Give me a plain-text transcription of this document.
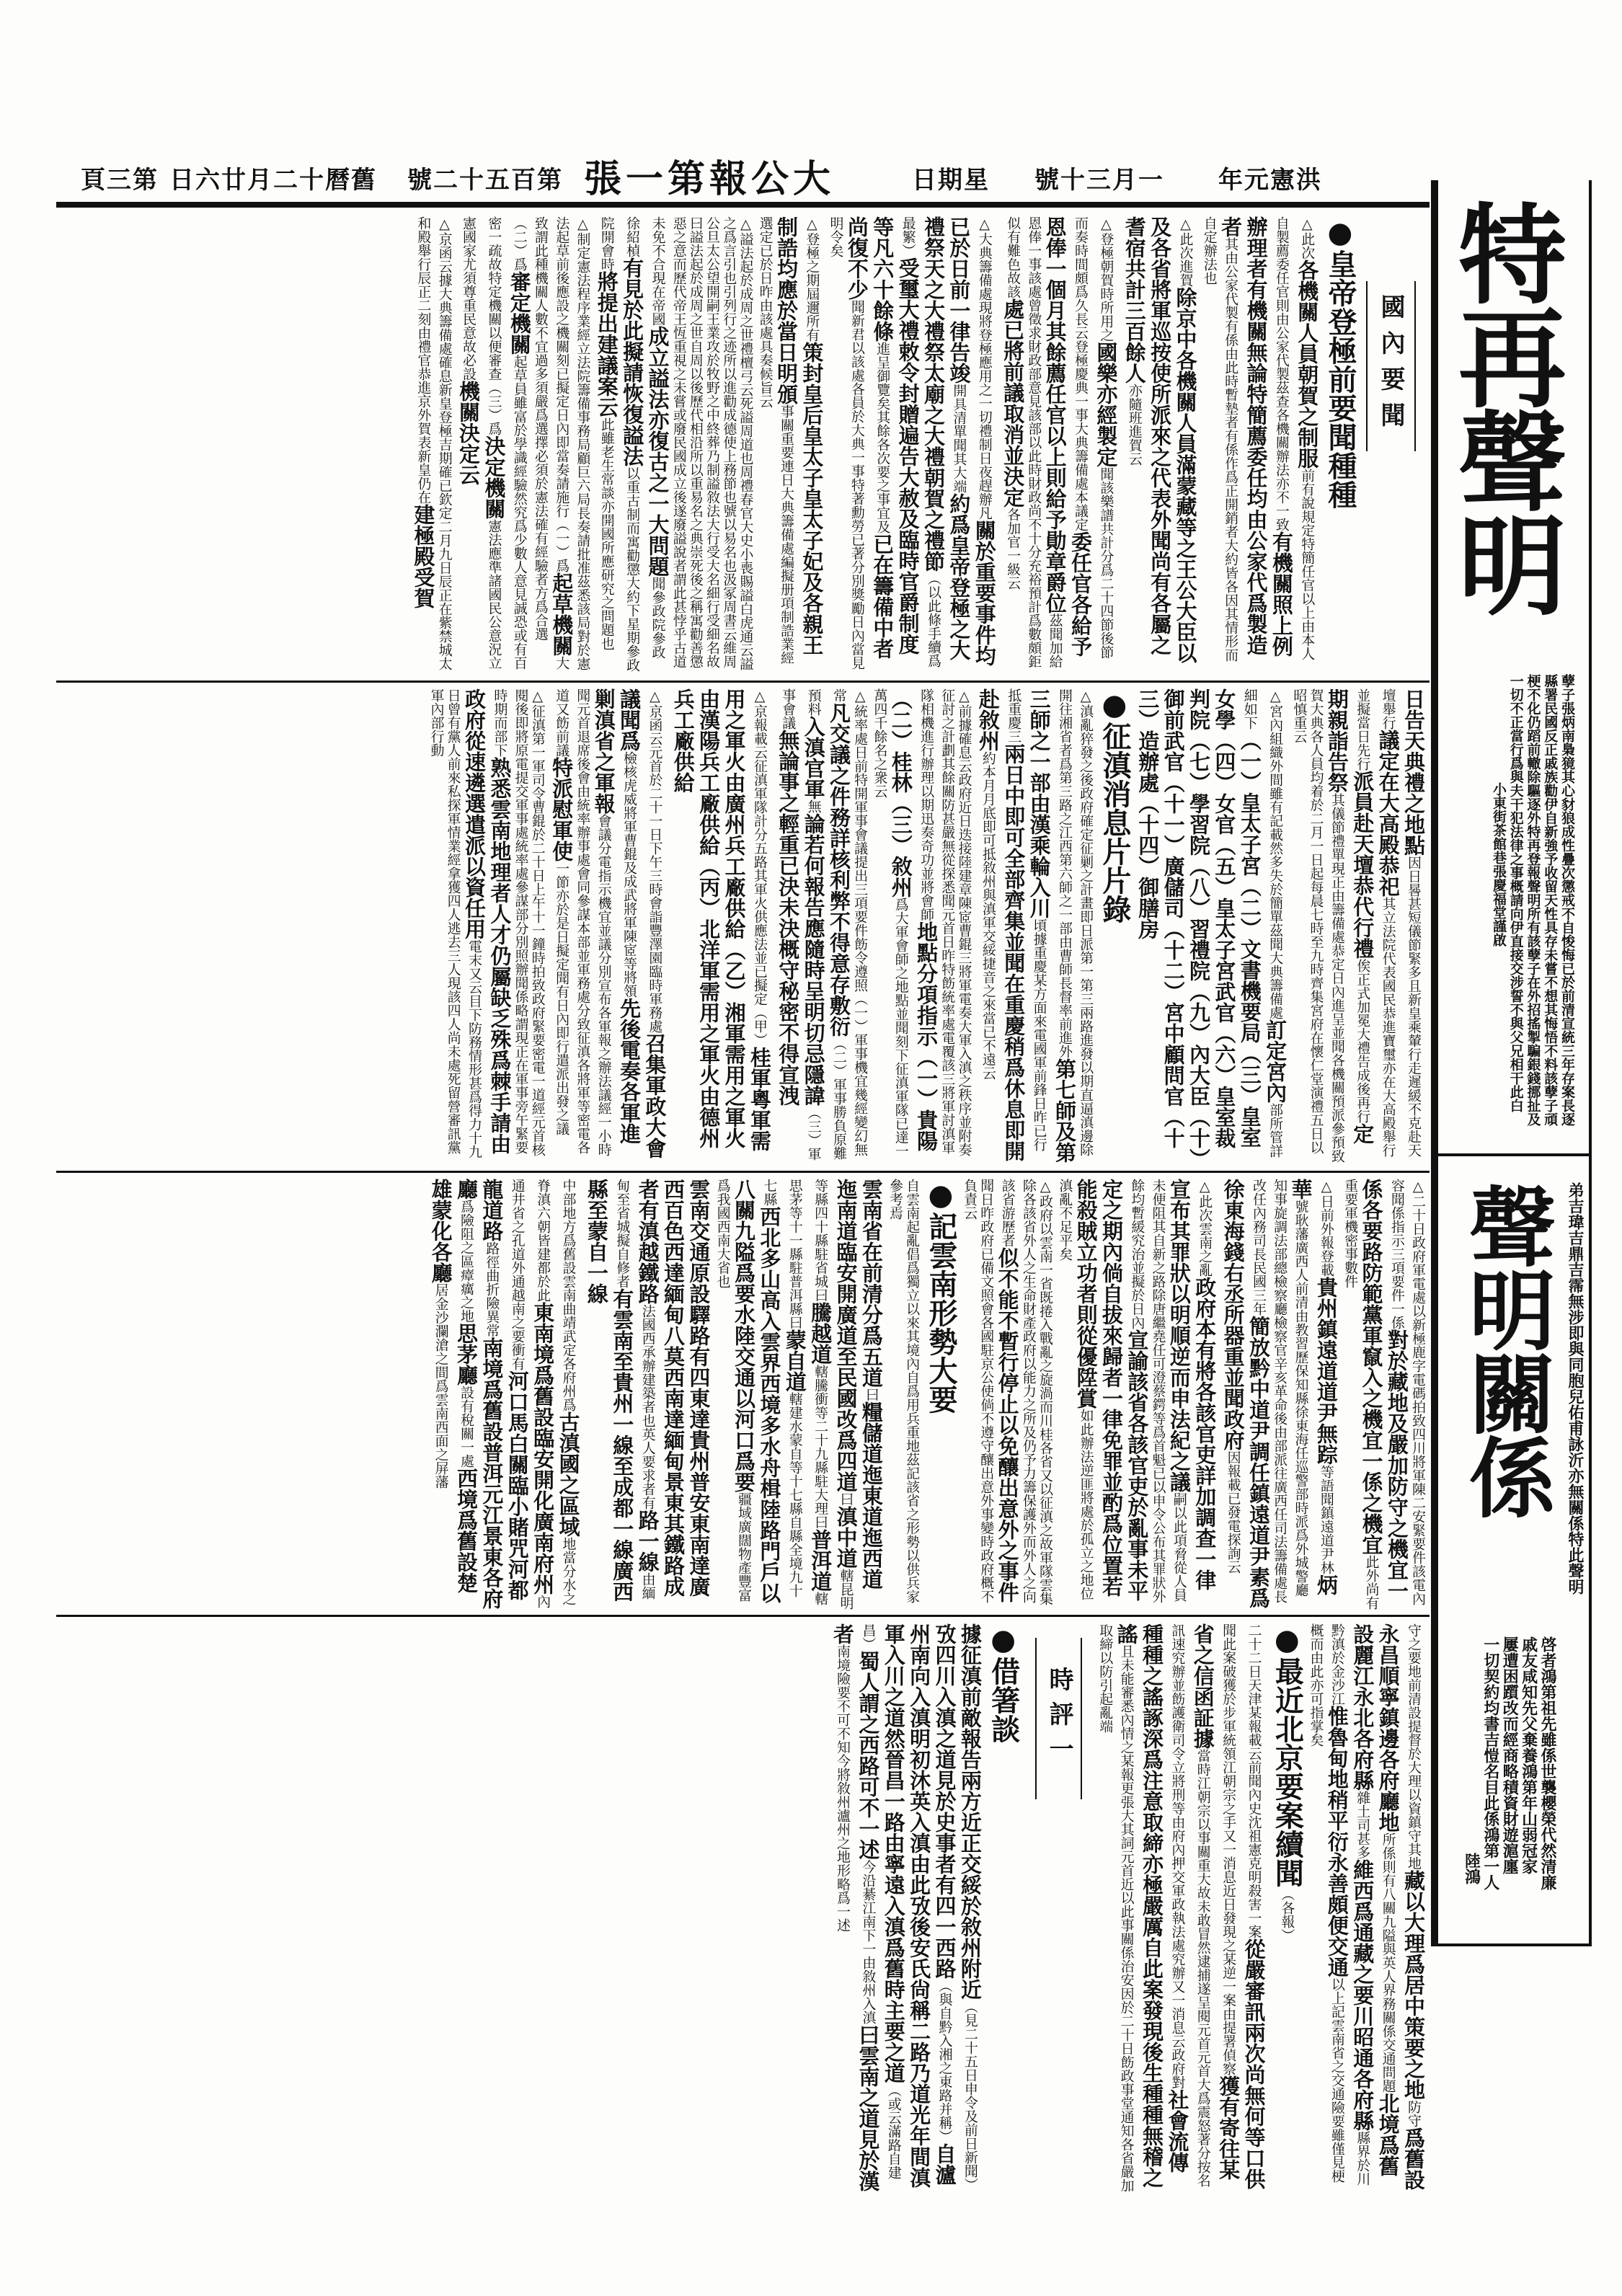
洪憲元年
一月三十號
星期日
大公報第一張
第百五十二號
舊曆十二月廿六日
第三頁
國內要聞
●皇帝登極前要聞種種
△此次各機關人員朝賀之制服前有說規定特簡任官以上由本人自製薦委任官則由公家代製茲查各機關辦法亦不一致有機關照上例辦理者有機關無論特簡薦委任均由公家代爲製造者其由公家代製有係由此時暫墊者有係作爲正開銷者大約皆各因其情形而自定辦法也
△此次進賀除京中各機關人員滿蒙藏等之王公大臣以及各省將軍巡按使所派來之代表外聞尚有各屬之耆宿共計三百餘人亦隨班進賀云
△登極朝賀時所用之國樂亦經製定聞該樂譜共計分爲二十四節後節而奏時間頗爲久長云登極慶典一事大典籌備處本議定委任官各給予恩俸一個月其餘薦任官以上則給予勛章爵位茲聞加給恩俸一事該處曾徵求財政部意見該部以此時財政尚不十分充裕預計爲數頗鉅似有難色故該處已將前議取消並決定各加官一級云
△大典籌備處現將登極應用之一切禮制日夜趕辦凡關於重要事件均已於日前一律告竣開具清單聞其大端約爲皇帝登極之大禮祭天之大禮祭太廟之大禮朝賀之禮節（以此條手續爲最繁）受璽大禮敕令封贈遍告大赦及臨時官爵制度等凡六十餘條進呈御覽矣其餘各次要之事宜及已在籌備中者尚復不少聞新君以該處各員於大典一事特著勳勞已著分別獎勵日內當見明令矣
△登極之期屆邇所有策封皇后皇太子皇太子妃及各親王制誥均應於當日明頒事關重要連日大典籌備處編擬册項制誥業經選定已於日昨由該處具奏候旨云
△謚法起於成周之世禮檀弓云死謚周道也周禮春官大史小喪賜謚白虎通云謚之爲言引也引列行之迹所以進勸成德使上務節也號以易名也汲冢周書云維周公旦太公望開嗣王業攻於牧野之中終葬乃制謚敘法大行受大名細行受細名故曰謚法起於成周之世自周以後歷代相沿所以重易名之典崇死後之稱寓勸善懲惡之意而歷代帝王恆重視之未嘗或廢民國成立後遂廢謚說者謂此甚悖乎古道未免不合現在帝國成立謚法亦復古之一大問題聞參政院參政徐紹楨有見於此擬請恢復謚法以重古制而寓勸懲大約下星期參政院開會時將提出建議案云此雖老生常談亦開國所應研究之問題也
△制定憲法程序業經立法院籌備事務局顧巨六局長奏請批准茲悉該局對於憲法起草前後應設之機關刻已擬定日內即當奏請施行（一）爲起草機關大致謂此種機關人數不宜過多須嚴爲選擇必須於憲法確有經驗者方爲合選（二）爲審定機關起草員雖富於學識經驗然究爲少數人意見誠恐或有百密一疏故特定機關以便審查（三）爲決定機關憲法應準諸國民公意況立憲國家尤須尊重民意故必設機關決定云
△京函云據大典籌備處確息新皇登極吉期確已欽定二月九日辰正在紫禁城太和殿舉行辰正二刻由禮官恭進京外賀表新皇仍在建極殿受賀
日告天典禮之地點因日晷甚短儀節緊多且新皇乘輦行走遲緩不克赴天壇舉行議定在大高殿恭祀其立法院代表國民恭進寶璽亦在大高殿舉行並擬當日先行派員赴天壇恭代行禮俟正式加冕大禮告成後再行定期親詣告祭其儀節禮單現正由籌備處恭定日內進呈並聞各機關預派參預致賀大典各人員均着於二月一日起每晨七時至九時齊集宮府在懷仁堂演禮五日以昭慎重云
△宮內組織外間雖有記載然多失於簡單茲聞大典籌備處訂定宮內部所管詳細如下（一）皇太子宮（二）文書機要局（三）皇室女學（四）女官（五）皇太子宮武官（六）皇室裁判院（七）學習院（八）習禮院（九）內大臣（十）御前武官（十一）廣儲司（十二）宮中顧問官（十三）造辦處（十四）御膳房
●征滇消息片片錄
△滇亂猝發之後政府確定征剿之計畫即日派第一第三兩路進發以期直逼滇邊除開往湘省者爲第三路之江西第六師之一部由曹師長督率前進外第七師及第三師之一部由漢乘輪入川頃據重慶某方面來電國軍前鋒日昨已行抵重慶三兩日中即可全部齊集並聞在重慶稍爲休息即開赴敘州約本月月底即可抵敘州與滇軍交綏捷音之來當已不遠云
△前據確息云政府近日迭接陸建章陳宧曹錕三將軍電奏大軍入滇之秩序並附奏征討之計劃其餘關防甚嚴無從探悉聞元首日昨特飭統率處電覆該三將軍討滇軍隊相機進行辦理以期迅奏奇功並將會師地點分項指示（一）貴陽（二）桂林（三）敘州爲大軍會師之地點並聞刻下征滇軍隊已達一萬四千餘名之衆云
△統率處日前特開軍事會議提出三項要件飭令遵照（一）軍事機宜幾經變幻無常凡交議之件務詳核利弊不得意存敷衍（二）軍事勝負原難預料入滇官軍無論若何報告應隨時呈明切忌隱諱（三）軍事會議無論事之輕重已決未決概守秘密不得宣洩
△京報載云征滇軍隊計分五路其軍火供應法並已擬定（甲）桂軍粵軍需用之軍火由廣州兵工廠供給（乙）湘軍需用之軍火由漢陽兵工廠供給（丙）北洋軍需用之軍火由德州兵工廠供給
△京函云元首於二十一日下午三時會詣豐澤園臨時軍務處召集軍政大會議聞爲檢核虎威將軍曹錕及成武將軍陳宧等將領先後電奏各軍進剿滇省之軍報會議分電指示機宜並議分別宣布各軍報之辦法議經一小時聞元首退席後會由統率辦事處會同參謀本部並軍務處分致征滇各將軍等密電各道又飭前議特派慰軍使一節亦於是日擬定聞有日內即行遣派出發之議
△征滇第一軍司令曹錕於二十日上午十一鐘時拍致政府緊要密電一道經元首核閱後即將原電提交軍事處統率處參謀部分別照辦聞係略謂現正在軍事旁午緊要時期而部下熟悉雲南地理者人才仍屬缺乏殊爲棘手請由政府從速遴選遣派以資任用電末又云目下防務情形甚爲得力十九日曾有黨人前來私探軍情業經拿獲四人逃去三人現該四人尚未處死留營審訊黨軍內部行動
△二十日政府軍電處以新極鹿字電碼拍致四川將軍陳二安緊要件該電內容聞係指示三項要件一係對於藏地及嚴加防守之機宜一係各要路防範黨軍竄入之機宜一係之機宜此外尚有重要軍機密事數件
△日前外報登載貴州鎮遠道道尹無踪等語聞鎮遠道尹林炳華號耿藩廣西人前清由教習歷保知縣徐東海任巡警部時派爲外城警廳知事旋調法部總檢察廳檢察官辛亥革命後由部派往廣西任司法籌備處長改任內務司長民國三年簡放黔中道尹調任鎮遠道尹素爲徐東海錢右丞所器重並聞政府因報載已發電探詢云
△此次雲南之亂政府本有將各該官吏詳加調查一律宣布其罪狀以明順逆而申法紀之議嗣以此項脅從人員未便阻其自新之路除唐繼堯任可澄蔡鍔等爲首魁已以申令公布其罪狀外餘均暫緩究治並擬於日內宣諭該省各該官吏於亂事未平定之期內倘自拔來歸者一律免罪並酌爲位置若能殺賊立功者則從優陞賞如此辦法逆匪將處於孤立之地位滇亂不足平矣
△政府以雲南一省既捲入戰亂之旋渦而川桂各省又以征滇之故軍隊雲集除各該省外人之生命財產政府以能力之所及仍予力籌保護外而外人之向該省游歷者似不能不暫行停止以免釀出意外之事件聞日昨政府已備文照會各國駐京公使倘不遵守釀出意外事變時政府概不負責云
●記雲南形勢大要
自雲南起亂倡爲獨立以來其境內自爲用兵重地茲記該省之形勢以供兵家參考焉
雲南省在前清分爲五道曰糧儲道迤東道迤西道迤南道臨安開廣道至民國改爲四道曰滇中道轄昆明等縣四十縣駐省城曰騰越道轄騰衝等二十九縣駐大理曰普洱道轄思茅等十一縣駐普洱縣曰蒙自道轄建水蒙自等十七縣自縣全境九十七縣西北多山高入雲界西境多水舟楫陸路門戶以八關九隘爲要水陸交通以河口爲要疆域廣闊物產豐富爲我國西南大省也
雲南交通原設驛路有四東達貴州普安東南達廣西百色西達緬甸八莫西南達緬甸景東其鐵路成者有滇越鐵路法國西承辦建築者也英人要求者有路一線由緬甸至省城擬自修者有雲南至貴州一線至成都一線廣西縣至蒙自一線
中部地方爲舊設雲南曲靖武定各府州爲古滇國之區域地當分水之脊滇六朝皆建都於此東南境爲舊設臨安開化廣南府州內通井省之孔道外通越南之要衝有河口馬白關臨小賭咒河都龍道路路徑曲折險異常南境爲舊設普洱元江景東各府廳爲險阻之區瘴癘之地思茅廳設有稅關一處西境爲舊設楚雄蒙化各廳居金沙瀾滄之間爲雲南西面之屏藩
守之要地前清設提督於大理以資鎮守其地藏以大理爲居中策要之地防守爲舊設永昌順寧鎮邊各府廳地所係則有八關九隘與英人界務關係交通問題北境爲舊設麗江永北各府縣雜土司甚多維西爲通藏之要川昭通各府縣縣界於川黔滇於金沙江惟魯甸地稍平衍永善頗便交通以上記雲南省之交通險要雖僅見梗概而由此亦可指掌矣
●最近北京要案續聞（各報）
二十二日天津某報載云前聞內史沈祖憲克明殺害一案從嚴審訊兩次尚無何等口供聞此案破獲於步軍統領江朝宗之手又一消息近日發現之某逆一案由提署偵察獲有寄往某省之信函証據當時江朝宗以事關重大故未敢冒然逮捕遂呈閱元首元首大爲震怒著分按名訊速究辦並飭護衛司令立將刑等由府內押交軍政執法處究辦又一消息云政府對社會流傳種種之謠諑深爲注意取締亦極嚴厲自此案發現後生種種無稽之謠且未能審悉內情之某報更張大其詞元首近以此事關係治安因於二十日飭政事堂通知各省嚴加取締以防引起亂端
時評一
●借箸談
據征滇前敵報告兩方近正交綏於敘州附近（見二十五日申令及前日新聞）攷四川入滇之道見於史事者有四一西路（與自黔入湘之東路并稱）自瀘州南向入滇明初沐英入滇由此攷後安氏尙稱二路乃道光年間滇軍入川之道然晉昌一路由寧遠入滇爲舊時主要之道（或云滿路自建昌）蜀人謂之西路可不一述今沿綦江南下一由敘州入滇曰雲南之道見於漢者南境險要不可不知今將敘州瀘州之地形略爲一述
特再聲明
孽子張炳南梟獍其心豺狼成性疊次懲戒不自悛悔已於前清宣統三年存案長逐
縣署民國反正戚族勸伊自新強予收留天性具存未嘗不想其悔悟不料該孽子頑
梗不化仍蹈前轍除驅逐外特再登報聲明所有該孽子在外招搖掣騙銀錢挪扯及
一切不正當行爲與夫干犯法律之事概請向伊直接交涉誓不與父兄相干此白
小東街茶館巷張慶福堂謹啟
弟吉瑋吉鼎吉霈無涉即與同胞兒佑甫詠沂亦無關係特此聲明
聲明關係
啓者鴻第祖先雖係世襲櫻榮代然清廉
戚友咸知先父棄養鴻第年山弱冠家
屢遭困躓改而經商略積資財遊滬廛
一切契約均書吉愷名目此係鴻第一人
陸鴻
